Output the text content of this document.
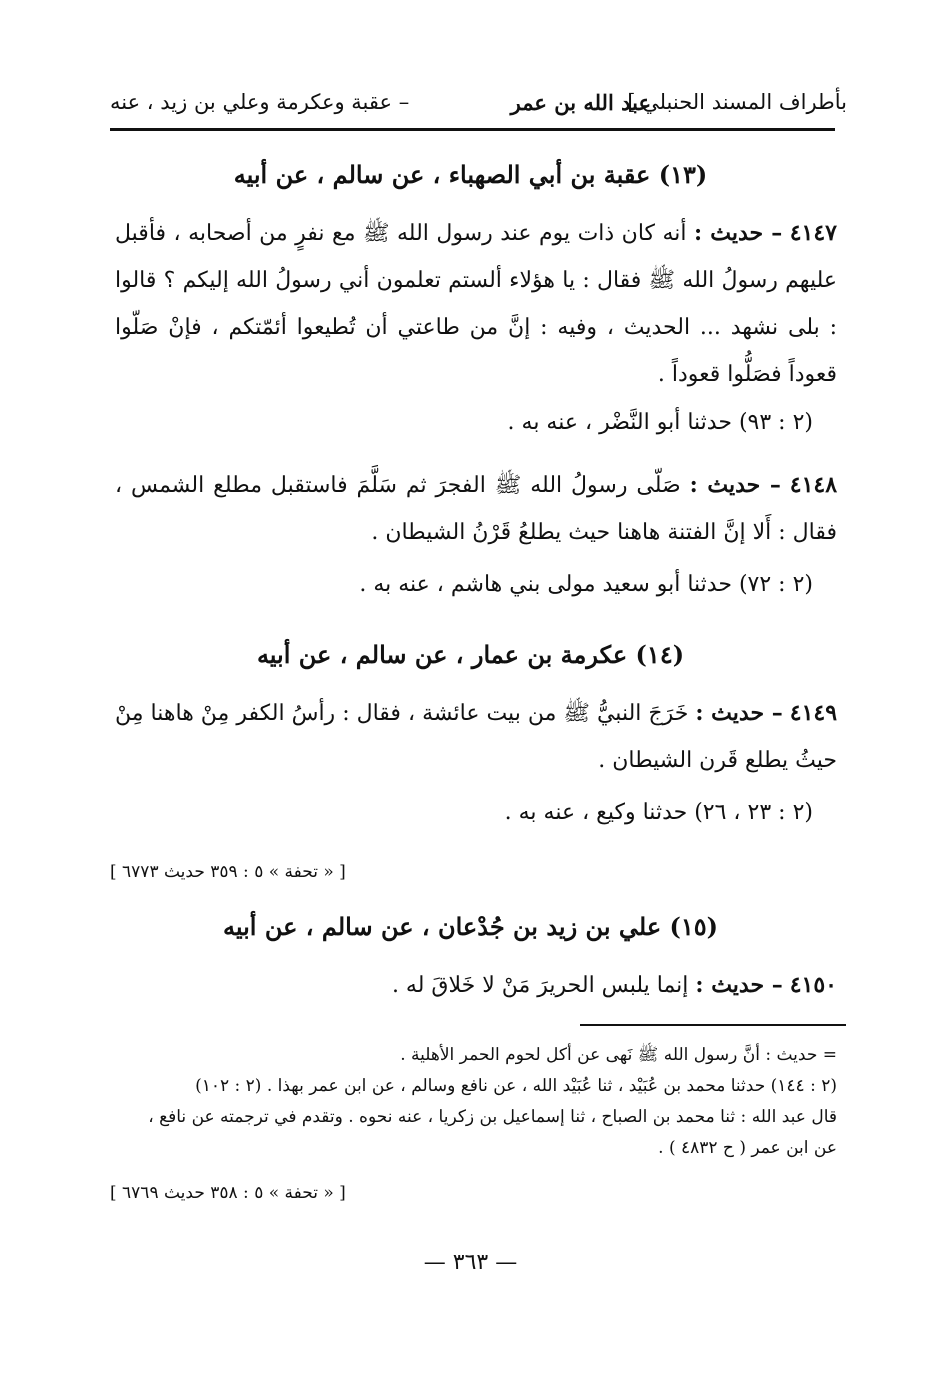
بأطراف المسند الحنبلي ]
عبد الله بن عمر
– عقبة وعكرمة وعلي بن زيد ، عنه
(١٣) عقبة بن أبي الصهباء ، عن سالم ، عن أبيه
٤١٤٧ – حديث : أنه كان ذات يوم عند رسول الله ﷺ مع نفرٍ من أصحابه ، فأقبل عليهم رسولُ الله ﷺ فقال : يا هؤلاء ألستم تعلمون أني رسولُ الله إليكم ؟ قالوا : بلى نشهد ... الحديث ، وفيه : إنَّ من طاعتي أن تُطيعوا أئمّتكم ، فإنْ صَلّوا قعوداً فصَلُّوا قعوداً .
(٢ : ٩٣) حدثنا أبو النَّضْر ، عنه به .
٤١٤٨ – حديث : صَلّى رسولُ الله ﷺ الفجرَ ثم سَلَّمَ فاستقبل مطلع الشمس ، فقال : أَلا إنَّ الفتنة هاهنا حيث يطلعُ قَرْنُ الشيطان .
(٢ : ٧٢) حدثنا أبو سعيد مولى بني هاشم ، عنه به .
(١٤) عكرمة بن عمار ، عن سالم ، عن أبيه
٤١٤٩ – حديث : خَرَجَ النبيُّ ﷺ من بيت عائشة ، فقال : رأسُ الكفر مِنْ هاهنا مِنْ حيثُ يطلع قَرن الشيطان .
(٢ : ٢٣ ، ٢٦) حدثنا وكيع ، عنه به .
[ « تحفة » ٥ : ٣٥٩ حديث ٦٧٧٣ ]
(١٥) علي بن زيد بن جُدْعان ، عن سالم ، عن أبيه
٤١٥٠ – حديث : إنما يلبس الحريرَ مَنْ لا خَلاقَ له .
= حديث : أنَّ رسول الله ﷺ نَهى عن أكل لحوم الحمر الأهلية .
(٢ : ١٤٤) حدثنا محمد بن عُبَيْد ، ثنا عُبَيْد الله ، عن نافع وسالم ، عن ابن عمر بهذا . (٢ : ١٠٢)
قال عبد الله : ثنا محمد بن الصباح ، ثنا إسماعيل بن زكريا ، عنه نحوه . وتقدم في ترجمته عن نافع ،
عن ابن عمر ( ح ٤٨٣٢ ) .
[ « تحفة » ٥ : ٣٥٨ حديث ٦٧٦٩ ]
— ٣٦٣ —
